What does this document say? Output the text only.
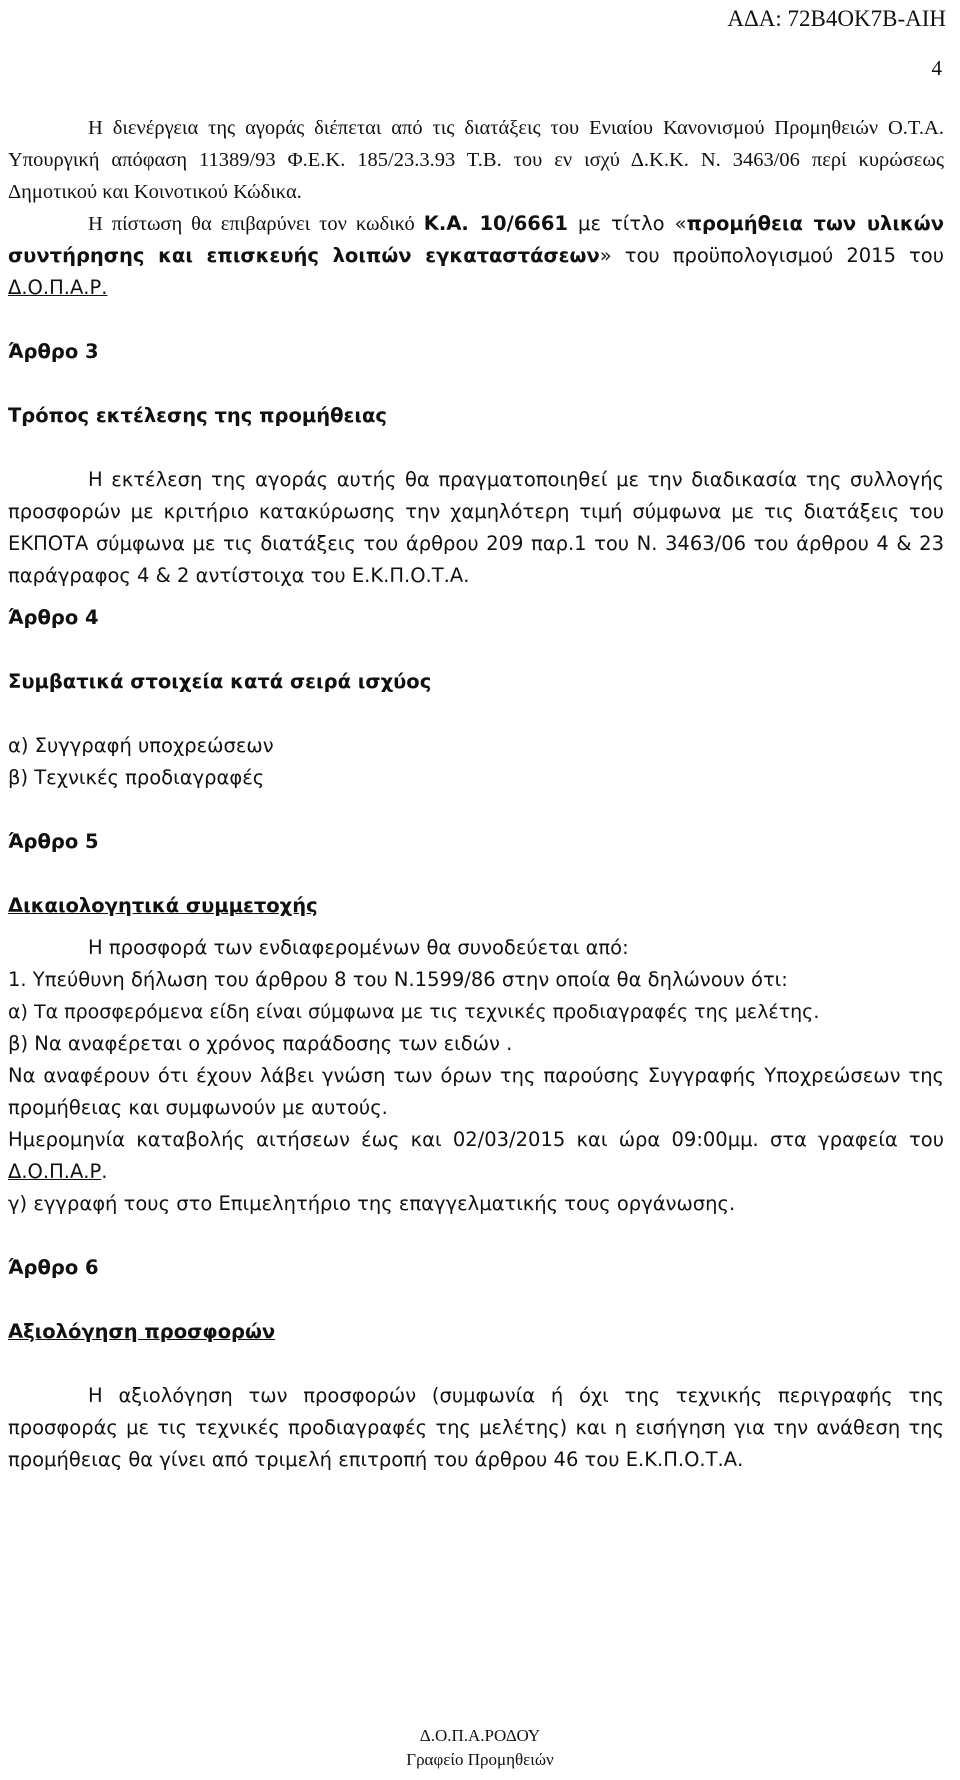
ΑΔΑ: 72Β4ΟΚ7Β-ΑΙΗ
4

Η διενέργεια της αγοράς διέπεται από τις διατάξεις του Ενιαίου Κανονισμού Προμηθειών Ο.Τ.Α. Υπουργική απόφαση 11389/93 Φ.Ε.Κ. 185/23.3.93 Τ.Β. του εν ισχύ Δ.Κ.Κ. Ν. 3463/06 περί κυρώσεως Δημοτικού και Κοινοτικού Κώδικα.

Η πίστωση θα επιβαρύνει τον κωδικό Κ.Α. 10/6661 με τίτλο «προμήθεια των υλικών συντήρησης και επισκευής λοιπών εγκαταστάσεων» του προϋπολογισμού 2015 του Δ.Ο.Π.Α.Ρ.

Άρθρο 3

Τρόπος εκτέλεσης της προμήθειας

Η εκτέλεση της αγοράς αυτής θα πραγματοποιηθεί με την διαδικασία της συλλογής προσφορών με κριτήριο κατακύρωσης την χαμηλότερη τιμή σύμφωνα με τις διατάξεις του ΕΚΠΟΤΑ σύμφωνα με τις διατάξεις του άρθρου 209 παρ.1 του Ν. 3463/06 του άρθρου 4 & 23 παράγραφος 4 & 2 αντίστοιχα του Ε.Κ.Π.Ο.Τ.Α.

Άρθρο 4

Συμβατικά στοιχεία κατά σειρά ισχύος

α) Συγγραφή υποχρεώσεων

β) Τεχνικές προδιαγραφές

Άρθρο 5

Δικαιολογητικά συμμετοχής

Η προσφορά των ενδιαφερομένων θα συνοδεύεται από:

1. Υπεύθυνη δήλωση του άρθρου 8 του Ν.1599/86 στην οποία θα δηλώνουν ότι:

α) Τα προσφερόμενα είδη είναι σύμφωνα με τις τεχνικές προδιαγραφές της μελέτης.

β) Να αναφέρεται ο χρόνος παράδοσης των ειδών .

Να αναφέρουν ότι έχουν λάβει γνώση των όρων της παρούσης Συγγραφής Υποχρεώσεων της προμήθειας και συμφωνούν με αυτούς.

Ημερομηνία καταβολής αιτήσεων έως και 02/03/2015 και ώρα 09:00μμ. στα γραφεία του Δ.Ο.Π.Α.Ρ.

γ) εγγραφή τους στο Επιμελητήριο της επαγγελματικής τους οργάνωσης.

Άρθρο 6

Αξιολόγηση προσφορών

Η αξιολόγηση των προσφορών (συμφωνία ή όχι της τεχνικής περιγραφής της προσφοράς με τις τεχνικές προδιαγραφές της μελέτης) και η εισήγηση για την ανάθεση της προμήθειας θα γίνει από τριμελή επιτροπή του άρθρου 46 του Ε.Κ.Π.Ο.Τ.Α.

Δ.Ο.Π.Α.ΡΟΔΟΥ
Γραφείο Προμηθειών
